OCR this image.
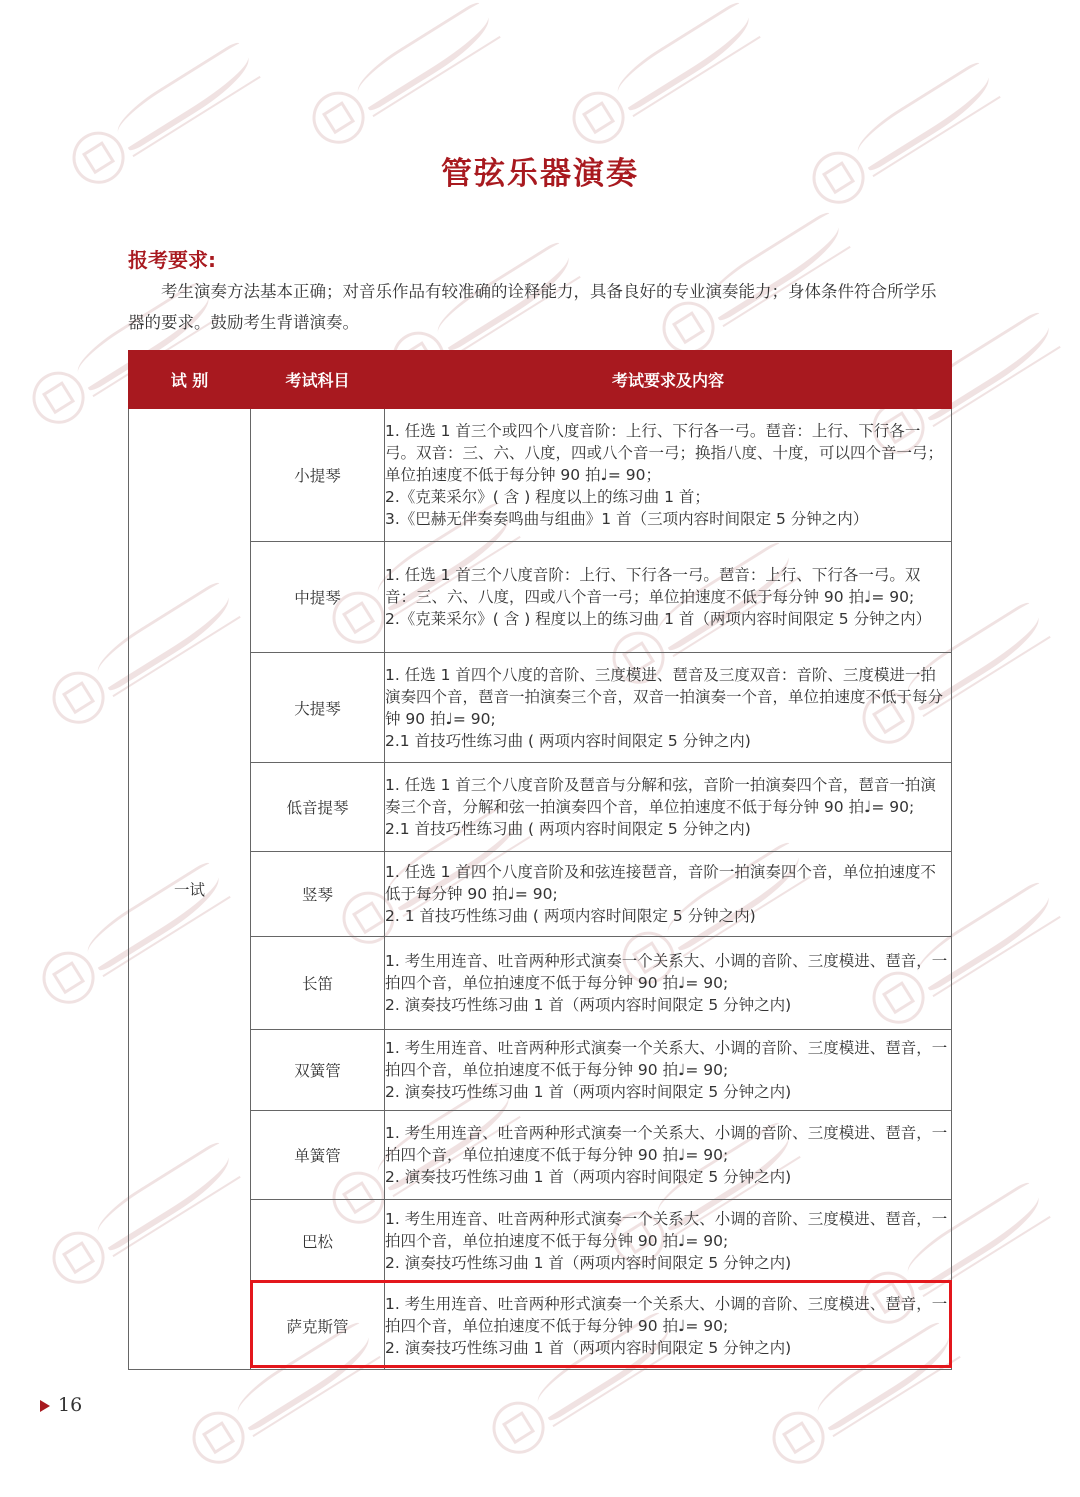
管弦乐器演奏
报考要求:
考生演奏方法基本正确；对音乐作品有较准确的诠释能力，具备良好的专业演奏能力；身体条件符合所学乐器的要求。鼓励考生背谱演奏。
试 别	考试科目	考试要求及内容
一试	小提琴	1. 任选 1 首三个或四个八度音阶：上行、下行各一弓。琶音：上行、下行各一弓。双音：三、六、八度，四或八个音一弓；换指八度、十度，可以四个音一弓；单位拍速度不低于每分钟 90 拍♩= 90；
2.《克莱采尔》( 含 ) 程度以上的练习曲 1 首；
3.《巴赫无伴奏奏鸣曲与组曲》1 首（三项内容时间限定 5 分钟之内）

	中提琴	1. 任选 1 首三个八度音阶：上行、下行各一弓。琶音：上行、下行各一弓。双音：三、六、八度，四或八个音一弓；单位拍速度不低于每分钟 90 拍♩= 90;
2.《克莱采尔》( 含 ) 程度以上的练习曲 1 首（两项内容时间限定 5 分钟之内）

	大提琴	1. 任选 1 首四个八度的音阶、三度模进、琶音及三度双音：音阶、三度模进一拍演奏四个音，琶音一拍演奏三个音，双音一拍演奏一个音，单位拍速度不低于每分钟 90 拍♩= 90;
2.1 首技巧性练习曲 ( 两项内容时间限定 5 分钟之内)

	低音提琴	1. 任选 1 首三个八度音阶及琶音与分解和弦，音阶一拍演奏四个音，琶音一拍演奏三个音，分解和弦一拍演奏四个音，单位拍速度不低于每分钟 90 拍♩= 90;
2.1 首技巧性练习曲 ( 两项内容时间限定 5 分钟之内)

	竖琴	1. 任选 1 首四个八度音阶及和弦连接琶音，音阶一拍演奏四个音，单位拍速度不低于每分钟 90 拍♩= 90;
2. 1 首技巧性练习曲 ( 两项内容时间限定 5 分钟之内)

	长笛	1. 考生用连音、吐音两种形式演奏一个关系大、小调的音阶、三度模进、琶音，一拍四个音，单位拍速度不低于每分钟 90 拍♩= 90;
2. 演奏技巧性练习曲 1 首（两项内容时间限定 5 分钟之内)

	双簧管	1. 考生用连音、吐音两种形式演奏一个关系大、小调的音阶、三度模进、琶音，一拍四个音，单位拍速度不低于每分钟 90 拍♩= 90;
2. 演奏技巧性练习曲 1 首（两项内容时间限定 5 分钟之内)

	单簧管	1. 考生用连音、吐音两种形式演奏一个关系大、小调的音阶、三度模进、琶音，一拍四个音，单位拍速度不低于每分钟 90 拍♩= 90;
2. 演奏技巧性练习曲 1 首（两项内容时间限定 5 分钟之内)

	巴松	1. 考生用连音、吐音两种形式演奏一个关系大、小调的音阶、三度模进、琶音，一拍四个音，单位拍速度不低于每分钟 90 拍♩= 90;
2. 演奏技巧性练习曲 1 首（两项内容时间限定 5 分钟之内)

	萨克斯管	1. 考生用连音、吐音两种形式演奏一个关系大、小调的音阶、三度模进、琶音，一拍四个音，单位拍速度不低于每分钟 90 拍♩= 90;
2. 演奏技巧性练习曲 1 首（两项内容时间限定 5 分钟之内)
16
